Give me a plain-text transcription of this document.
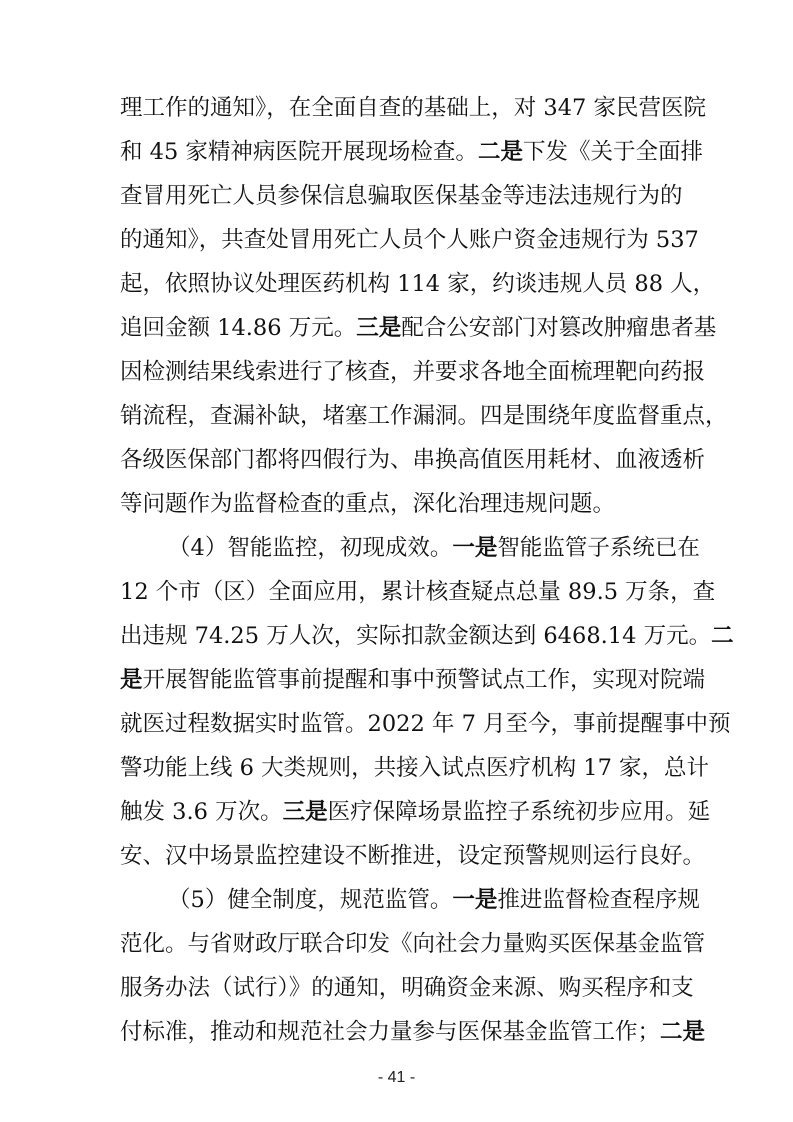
理工作的通知》，在全面自查的基础上，对 347 家民营医院
和 45 家精神病医院开展现场检查。二是下发《关于全面排
查冒用死亡人员参保信息骗取医保基金等违法违规行为的
的通知》，共查处冒用死亡人员个人账户资金违规行为 537
起，依照协议处理医药机构 114 家，约谈违规人员 88 人，
追回金额 14.86 万元。三是配合公安部门对篡改肿瘤患者基
因检测结果线索进行了核查，并要求各地全面梳理靶向药报
销流程，查漏补缺，堵塞工作漏洞。四是围绕年度监督重点，
各级医保部门都将四假行为、串换高值医用耗材、血液透析
等问题作为监督检查的重点，深化治理违规问题。
（4）智能监控，初现成效。一是智能监管子系统已在
12 个市（区）全面应用，累计核查疑点总量 89.5 万条，查
出违规 74.25 万人次，实际扣款金额达到 6468.14 万元。二
是开展智能监管事前提醒和事中预警试点工作，实现对院端
就医过程数据实时监管。2022 年 7 月至今，事前提醒事中预
警功能上线 6 大类规则，共接入试点医疗机构 17 家，总计
触发 3.6 万次。三是医疗保障场景监控子系统初步应用。延
安、汉中场景监控建设不断推进，设定预警规则运行良好。
（5）健全制度，规范监管。一是推进监督检查程序规
范化。与省财政厅联合印发《向社会力量购买医保基金监管
服务办法（试行）》的通知，明确资金来源、购买程序和支
付标准，推动和规范社会力量参与医保基金监管工作；二是
- 41 -
